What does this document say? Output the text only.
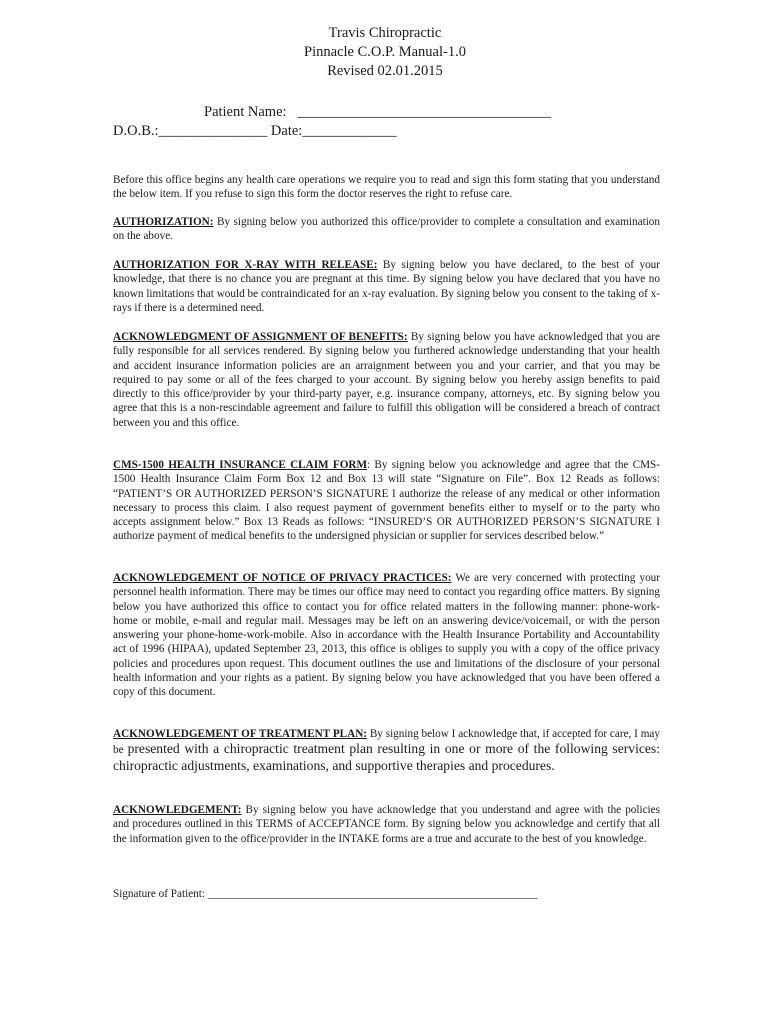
Travis Chiropractic
Pinnacle C.O.P. Manual-1.0
Revised 02.01.2015
Patient Name: ___________________________________
D.O.B.:_______________ Date:_____________
Before this office begins any health care operations we require you to read and sign this form stating that you understand the below item. If you refuse to sign this form the doctor reserves the right to refuse care.
AUTHORIZATION: By signing below you authorized this office/provider to complete a consultation and examination on the above.
AUTHORIZATION FOR X-RAY WITH RELEASE: By signing below you have declared, to the best of your knowledge, that there is no chance you are pregnant at this time. By signing below you have declared that you have no known limitations that would be contraindicated for an x-ray evaluation. By signing below you consent to the taking of x-rays if there is a determined need.
ACKNOWLEDGMENT OF ASSIGNMENT OF BENEFITS: By signing below you have acknowledged that you are fully responsible for all services rendered. By signing below you furthered acknowledge understanding that your health and accident insurance information policies are an arraignment between you and your carrier, and that you may be required to pay some or all of the fees charged to your account. By signing below you hereby assign benefits to paid directly to this office/provider by your third-party payer, e.g. insurance company, attorneys, etc. By signing below you agree that this is a non-rescindable agreement and failure to fulfill this obligation will be considered a breach of contract between you and this office.
CMS-1500 HEALTH INSURANCE CLAIM FORM: By signing below you acknowledge and agree that the CMS-1500 Health Insurance Claim Form Box 12 and Box 13 will state “Signature on File”. Box 12 Reads as follows: “PATIENT’S OR AUTHORIZED PERSON’S SIGNATURE I authorize the release of any medical or other information necessary to process this claim. I also request payment of government benefits either to myself or to the party who accepts assignment below.” Box 13 Reads as follows: “INSURED’S OR AUTHORIZED PERSON’S SIGNATURE I authorize payment of medical benefits to the undersigned physician or supplier for services described below.”
ACKNOWLEDGEMENT OF NOTICE OF PRIVACY PRACTICES: We are very concerned with protecting your personnel health information. There may be times our office may need to contact you regarding office matters. By signing below you have authorized this office to contact you for office related matters in the following manner: phone-work-home or mobile, e-mail and regular mail. Messages may be left on an answering device/voicemail, or with the person answering your phone-home-work-mobile. Also in accordance with the Health Insurance Portability and Accountability act of 1996 (HIPAA), updated September 23, 2013, this office is obliges to supply you with a copy of the office privacy policies and procedures upon request. This document outlines the use and limitations of the disclosure of your personal health information and your rights as a patient. By signing below you have acknowledged that you have been offered a copy of this document.
ACKNOWLEDGEMENT OF TREATMENT PLAN: By signing below I acknowledge that, if accepted for care, I may be presented with a chiropractic treatment plan resulting in one or more of the following services: chiropractic adjustments, examinations, and supportive therapies and procedures.
ACKNOWLEDGEMENT: By signing below you have acknowledge that you understand and agree with the policies and procedures outlined in this TERMS of ACCEPTANCE form. By signing below you acknowledge and certify that all the information given to the office/provider in the INTAKE forms are a true and accurate to the best of you knowledge.
Signature of Patient: ___________________________________________________________
